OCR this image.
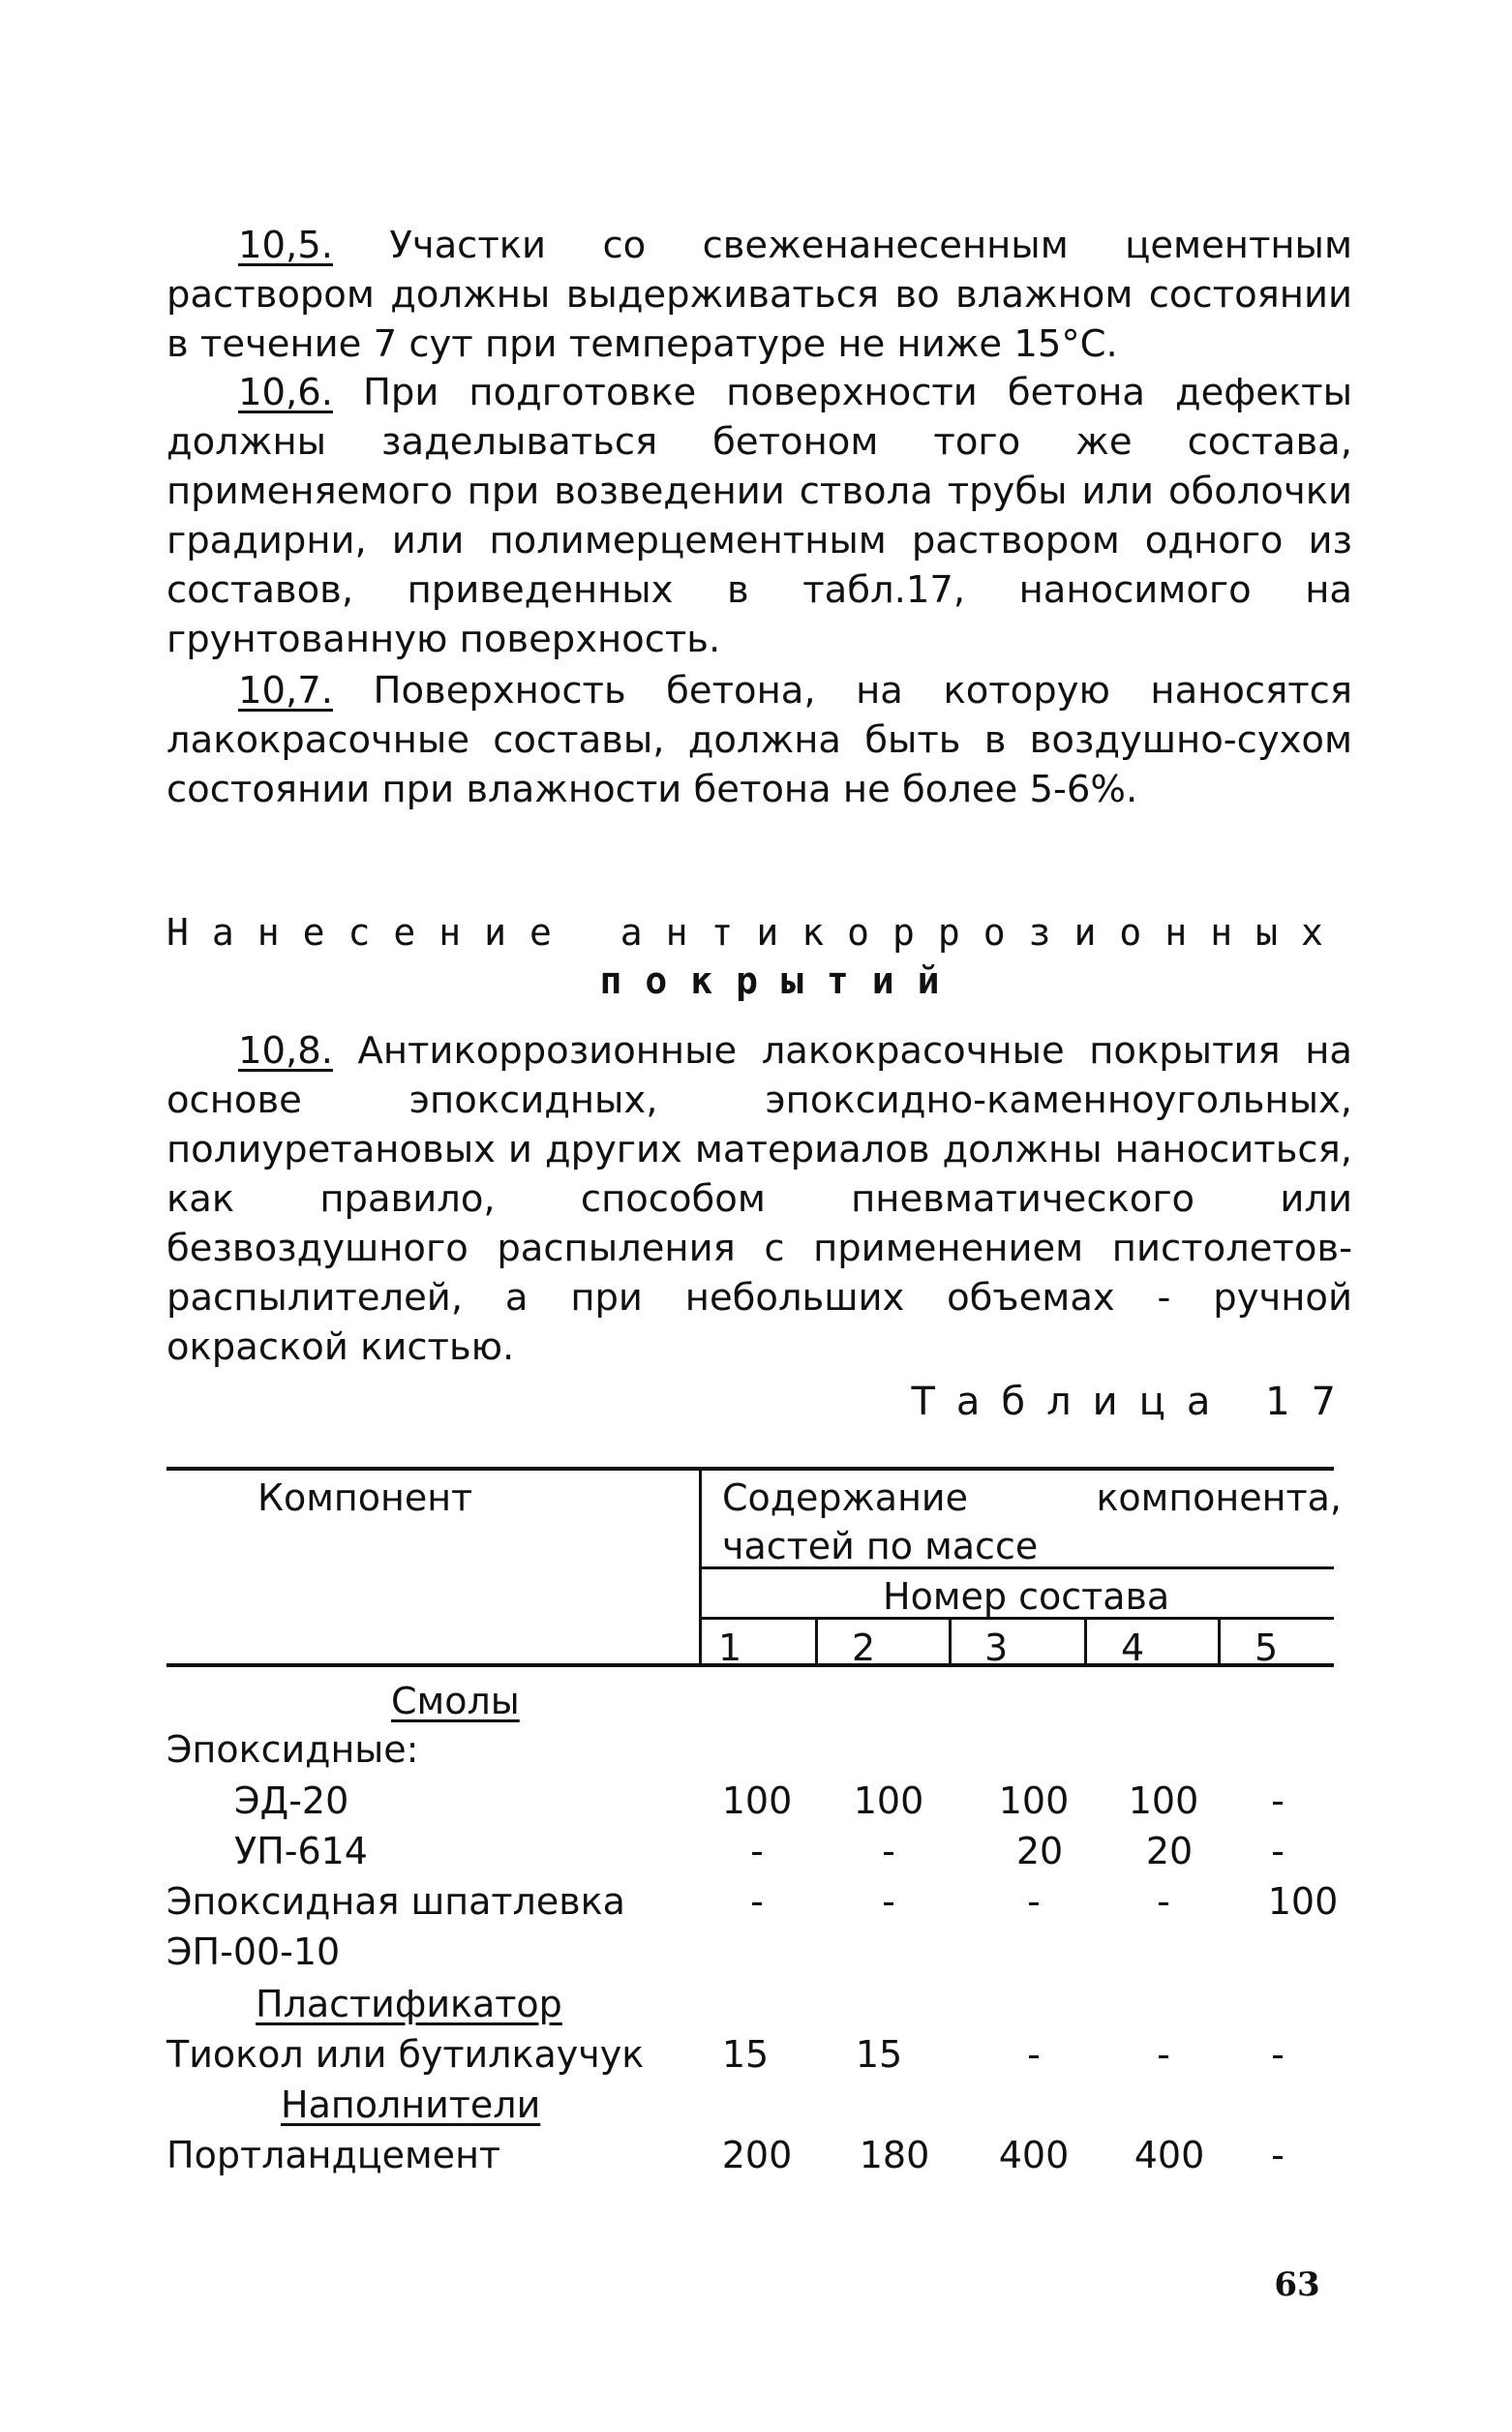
10,5. Участки со свеженанесенным цементным раствором должны выдерживаться во влажном состоянии в течение 7 сут при температуре не ниже 15°C.

10,6. При подготовке поверхности бетона дефекты должны заделываться бетоном того же состава, применяемого при возведении ствола трубы или оболочки градирни, или полимерцементным раствором одного из составов, приведенных в табл.17, наносимого на грунтованную поверхность.

10,7. Поверхность бетона, на которую наносятся лакокрасочные составы, должна быть в воздушно-сухом состоянии при влажности бетона не более 5-6%.

Нанесение антикоррозионных
покрытий

10,8. Антикоррозионные лакокрасочные покрытия на основе эпоксидных, эпоксидно-каменноугольных, полиуретановых и других материалов должны наноситься, как правило, способом пневматического или безвоздушного распыления с применением пистолетов-распылителей, а при небольших объемах - ручной окраской кистью.

Таблица 17

Компонент	Содержание компонента, частей по массе

Номер состава

1	2	3	4	5

Смолы

Эпоксидные:

ЭД-20	100	100	100	100	-

УП-614	-	-	20	20	-

Эпоксидная шпатлевка	-	-	-	-	100

ЭП-00-10

Пластификатор

Тиокол или бутилкаучук	15	15	-	-	-

Наполнители

Портландцемент	200	180	400	400	-

63
